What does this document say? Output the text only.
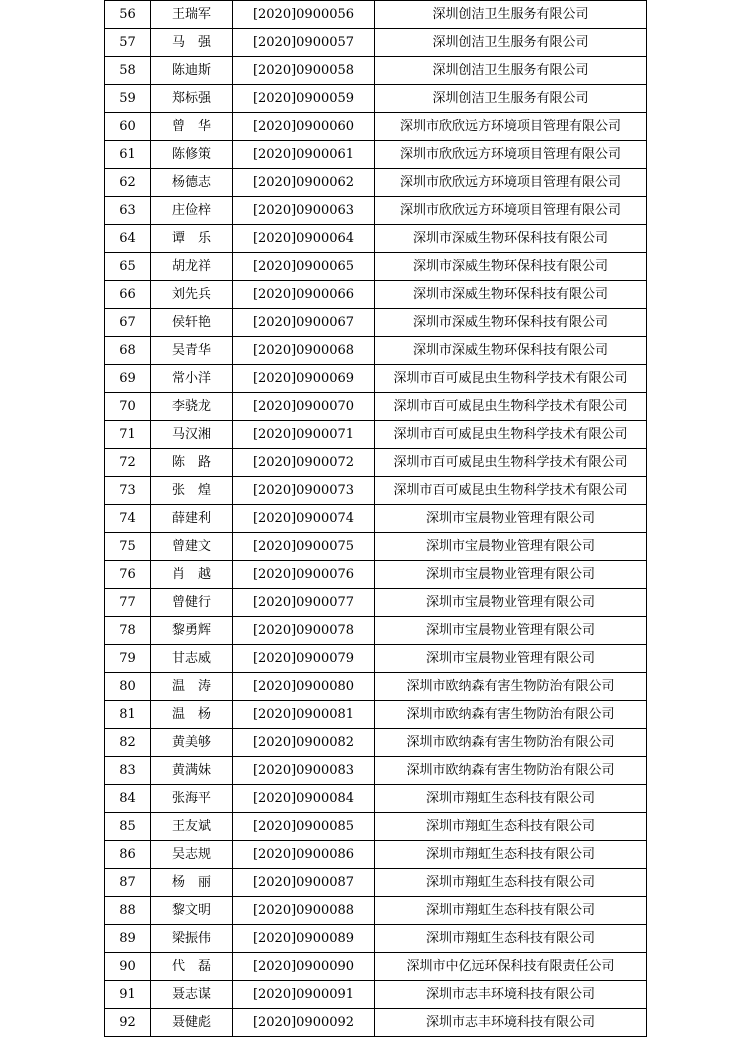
56	王瑞军	[2020]0900056	深圳创洁卫生服务有限公司
57	马　强	[2020]0900057	深圳创洁卫生服务有限公司
58	陈迪斯	[2020]0900058	深圳创洁卫生服务有限公司
59	郑标强	[2020]0900059	深圳创洁卫生服务有限公司
60	曾　华	[2020]0900060	深圳市欣欣远方环境项目管理有限公司
61	陈修策	[2020]0900061	深圳市欣欣远方环境项目管理有限公司
62	杨德志	[2020]0900062	深圳市欣欣远方环境项目管理有限公司
63	庄俭梓	[2020]0900063	深圳市欣欣远方环境项目管理有限公司
64	谭　乐	[2020]0900064	深圳市深威生物环保科技有限公司
65	胡龙祥	[2020]0900065	深圳市深威生物环保科技有限公司
66	刘先兵	[2020]0900066	深圳市深威生物环保科技有限公司
67	侯轩艳	[2020]0900067	深圳市深威生物环保科技有限公司
68	吴青华	[2020]0900068	深圳市深威生物环保科技有限公司
69	常小洋	[2020]0900069	深圳市百可威昆虫生物科学技术有限公司
70	李骁龙	[2020]0900070	深圳市百可威昆虫生物科学技术有限公司
71	马汉湘	[2020]0900071	深圳市百可威昆虫生物科学技术有限公司
72	陈　路	[2020]0900072	深圳市百可威昆虫生物科学技术有限公司
73	张　煌	[2020]0900073	深圳市百可威昆虫生物科学技术有限公司
74	薛建利	[2020]0900074	深圳市宝晨物业管理有限公司
75	曾建文	[2020]0900075	深圳市宝晨物业管理有限公司
76	肖　越	[2020]0900076	深圳市宝晨物业管理有限公司
77	曾健行	[2020]0900077	深圳市宝晨物业管理有限公司
78	黎勇辉	[2020]0900078	深圳市宝晨物业管理有限公司
79	甘志威	[2020]0900079	深圳市宝晨物业管理有限公司
80	温　涛	[2020]0900080	深圳市欧纳森有害生物防治有限公司
81	温　杨	[2020]0900081	深圳市欧纳森有害生物防治有限公司
82	黄美够	[2020]0900082	深圳市欧纳森有害生物防治有限公司
83	黄满妹	[2020]0900083	深圳市欧纳森有害生物防治有限公司
84	张海平	[2020]0900084	深圳市翔虹生态科技有限公司
85	王友斌	[2020]0900085	深圳市翔虹生态科技有限公司
86	吴志规	[2020]0900086	深圳市翔虹生态科技有限公司
87	杨　丽	[2020]0900087	深圳市翔虹生态科技有限公司
88	黎文明	[2020]0900088	深圳市翔虹生态科技有限公司
89	梁振伟	[2020]0900089	深圳市翔虹生态科技有限公司
90	代　磊	[2020]0900090	深圳市中亿远环保科技有限责任公司
91	聂志谋	[2020]0900091	深圳市志丰环境科技有限公司
92	聂健彪	[2020]0900092	深圳市志丰环境科技有限公司
